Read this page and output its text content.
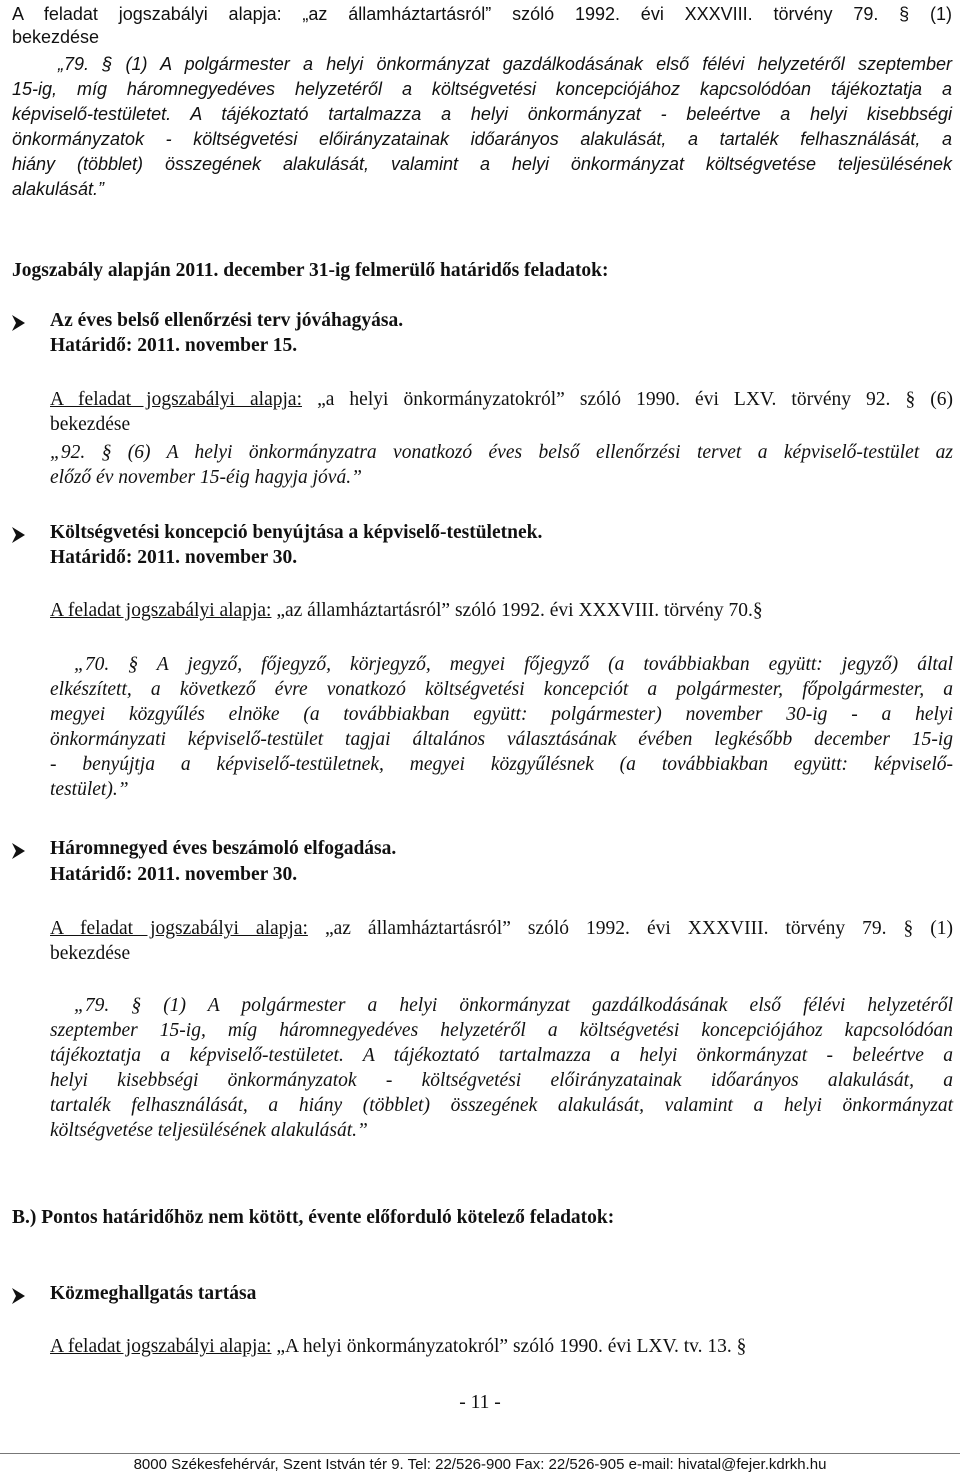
A feladat jogszabályi alapja: „az államháztartásról” szóló 1992. évi XXXVIII. törvény 79. § (1)
bekezdése
„79. § (1) A polgármester a helyi önkormányzat gazdálkodásának első félévi helyzetéről szeptember
15-ig, míg háromnegyedéves helyzetéről a költségvetési koncepciójához kapcsolódóan tájékoztatja a
képviselő-testületet. A tájékoztató tartalmazza a helyi önkormányzat - beleértve a helyi kisebbségi
önkormányzatok - költségvetési előirányzatainak időarányos alakulását, a tartalék felhasználását, a
hiány (többlet) összegének alakulását, valamint a helyi önkormányzat költségvetése teljesülésének
alakulását.”
Jogszabály alapján 2011. december 31-ig felmerülő határidős feladatok:
Az éves belső ellenőrzési terv jóváhagyása.
Határidő: 2011. november 15.
A feladat jogszabályi alapja: „a helyi önkormányzatokról” szóló 1990. évi LXV. törvény 92. § (6)
bekezdése
„92. § (6) A helyi önkormányzatra vonatkozó éves belső ellenőrzési tervet a képviselő-testület az
előző év november 15-éig hagyja jóvá.”
Költségvetési koncepció benyújtása a képviselő-testületnek.
Határidő: 2011. november 30.
A feladat jogszabályi alapja: „az államháztartásról” szóló 1992. évi XXXVIII. törvény 70.§
„70. § A jegyző, főjegyző, körjegyző, megyei főjegyző (a továbbiakban együtt: jegyző) által
elkészített, a következő évre vonatkozó költségvetési koncepciót a polgármester, főpolgármester, a
megyei közgyűlés elnöke (a továbbiakban együtt: polgármester) november 30-ig - a helyi
önkormányzati képviselő-testület tagjai általános választásának évében legkésőbb december 15-ig
- benyújtja a képviselő-testületnek, megyei közgyűlésnek (a továbbiakban együtt: képviselő-
testület).”
Háromnegyed éves beszámoló elfogadása.
Határidő: 2011. november 30.
A feladat jogszabályi alapja: „az államháztartásról” szóló 1992. évi XXXVIII. törvény 79. § (1)
bekezdése
„79. § (1) A polgármester a helyi önkormányzat gazdálkodásának első félévi helyzetéről
szeptember 15-ig, míg háromnegyedéves helyzetéről a költségvetési koncepciójához kapcsolódóan
tájékoztatja a képviselő-testületet. A tájékoztató tartalmazza a helyi önkormányzat - beleértve a
helyi kisebbségi önkormányzatok - költségvetési előirányzatainak időarányos alakulását, a
tartalék felhasználását, a hiány (többlet) összegének alakulását, valamint a helyi önkormányzat
költségvetése teljesülésének alakulását.”
B.) Pontos határidőhöz nem kötött, évente előforduló kötelező feladatok:
Közmeghallgatás tartása
A feladat jogszabályi alapja: „A helyi önkormányzatokról” szóló 1990. évi LXV. tv. 13. §
- 11 -
8000 Székesfehérvár, Szent István tér 9. Tel: 22/526-900 Fax: 22/526-905 e-mail: hivatal@fejer.kdrkh.hu
